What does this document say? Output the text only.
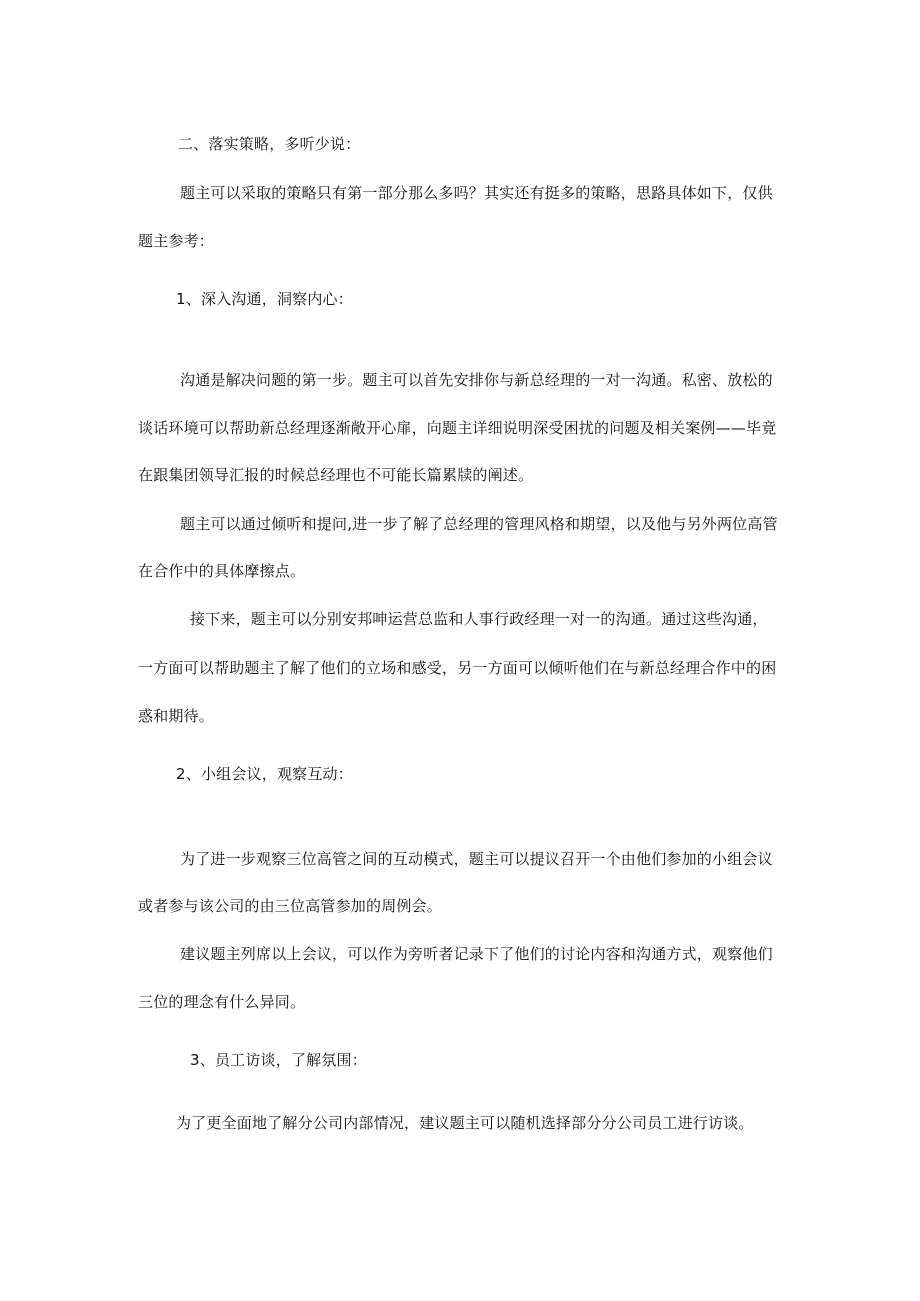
二、落实策略，多听少说：
题主可以采取的策略只有第一部分那么多吗？其实还有挺多的策略，思路具体如下，仅供
题主参考：
1、深入沟通，洞察内心：
沟通是解决问题的第一步。题主可以首先安排你与新总经理的一对一沟通。私密、放松的
谈话环境可以帮助新总经理逐渐敞开心扉，向题主详细说明深受困扰的问题及相关案例——毕竟
在跟集团领导汇报的时候总经理也不可能长篇累牍的阐述。
题主可以通过倾听和提问,进一步了解了总经理的管理风格和期望，以及他与另外两位高管
在合作中的具体摩擦点。
接下来，题主可以分别安邦呻运营总监和人事行政经理一对一的沟通。通过这些沟通，
一方面可以帮助题主了解了他们的立场和感受，另一方面可以倾听他们在与新总经理合作中的困
惑和期待。
2、小组会议，观察互动：
为了进一步观察三位高管之间的互动模式，题主可以提议召开一个由他们参加的小组会议
或者参与该公司的由三位高管参加的周例会。
建议题主列席以上会议，可以作为旁听者记录下了他们的讨论内容和沟通方式，观察他们
三位的理念有什么异同。
3、员工访谈，了解氛围：
为了更全面地了解分公司内部情况，建议题主可以随机选择部分分公司员工进行访谈。
